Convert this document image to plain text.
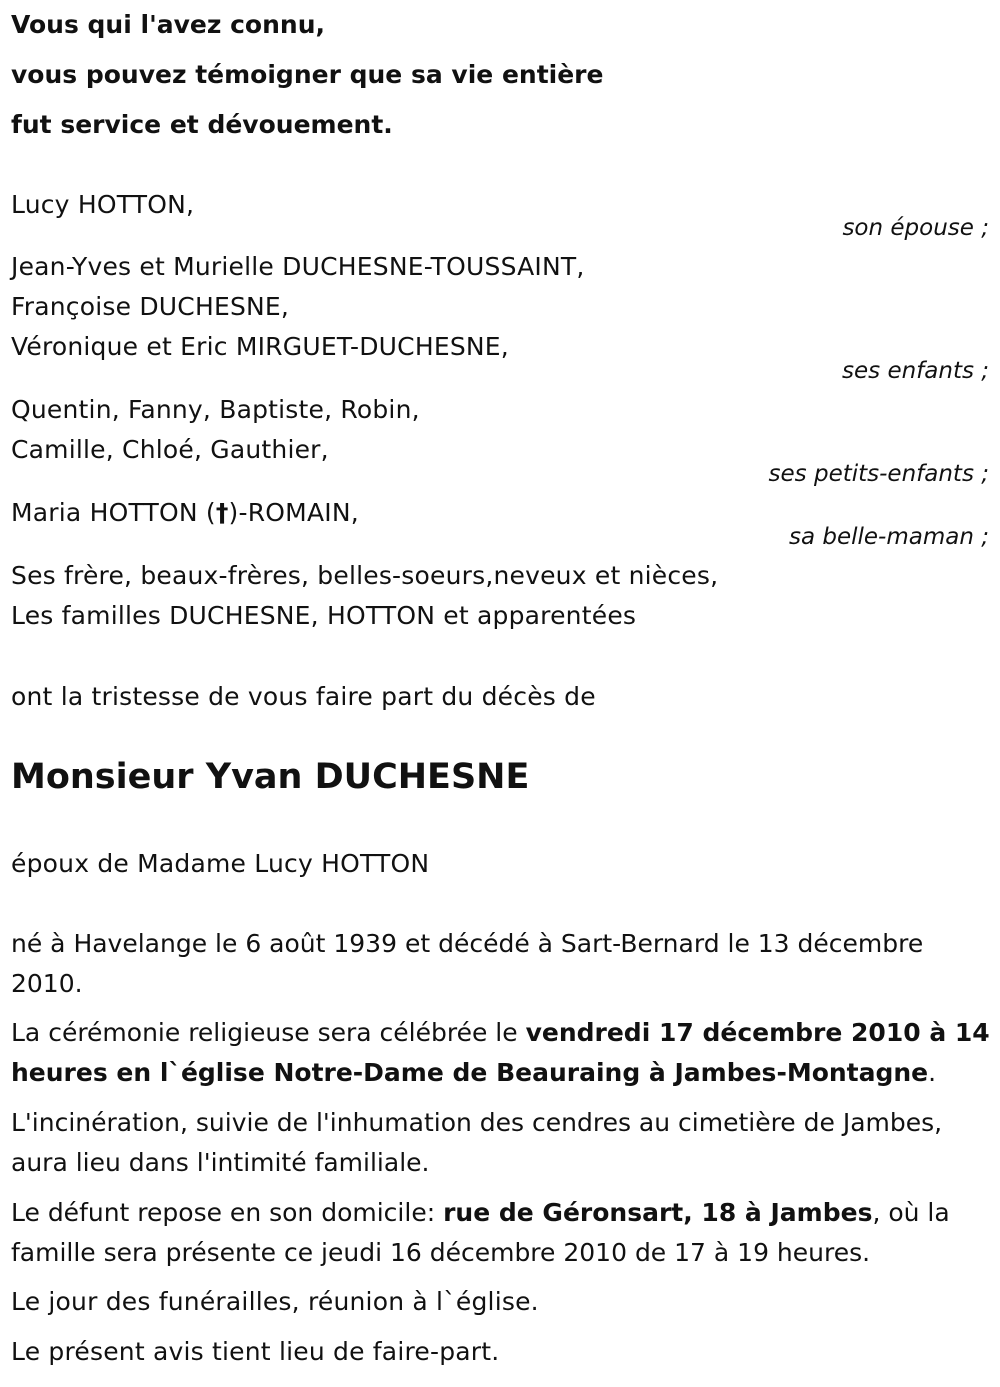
Vous qui l'avez connu,
vous pouvez témoigner que sa vie entière
fut service et dévouement.
Lucy HOTTON,
son épouse ;
Jean-Yves et Murielle DUCHESNE-TOUSSAINT,
Françoise DUCHESNE,
Véronique et Eric MIRGUET-DUCHESNE,
ses enfants ;
Quentin, Fanny, Baptiste, Robin,
Camille, Chloé, Gauthier,
ses petits-enfants ;
Maria HOTTON (†)-ROMAIN,
sa belle-maman ;
Ses frère, beaux-frères, belles-soeurs,neveux et nièces,
Les familles DUCHESNE, HOTTON et apparentées
ont la tristesse de vous faire part du décès de
Monsieur Yvan DUCHESNE
époux de Madame Lucy HOTTON
né à Havelange le 6 août 1939 et décédé à Sart-Bernard le 13 décembre 2010.
La cérémonie religieuse sera célébrée le vendredi 17 décembre 2010 à 14 heures en l`église Notre-Dame de Beauraing à Jambes-Montagne.
L'incinération, suivie de l'inhumation des cendres au cimetière de Jambes, aura lieu dans l'intimité familiale.
Le défunt repose en son domicile: rue de Géronsart, 18 à Jambes, où la famille sera présente ce jeudi 16 décembre 2010 de 17 à 19 heures.
Le jour des funérailles, réunion à l`église.
Le présent avis tient lieu de faire-part.
